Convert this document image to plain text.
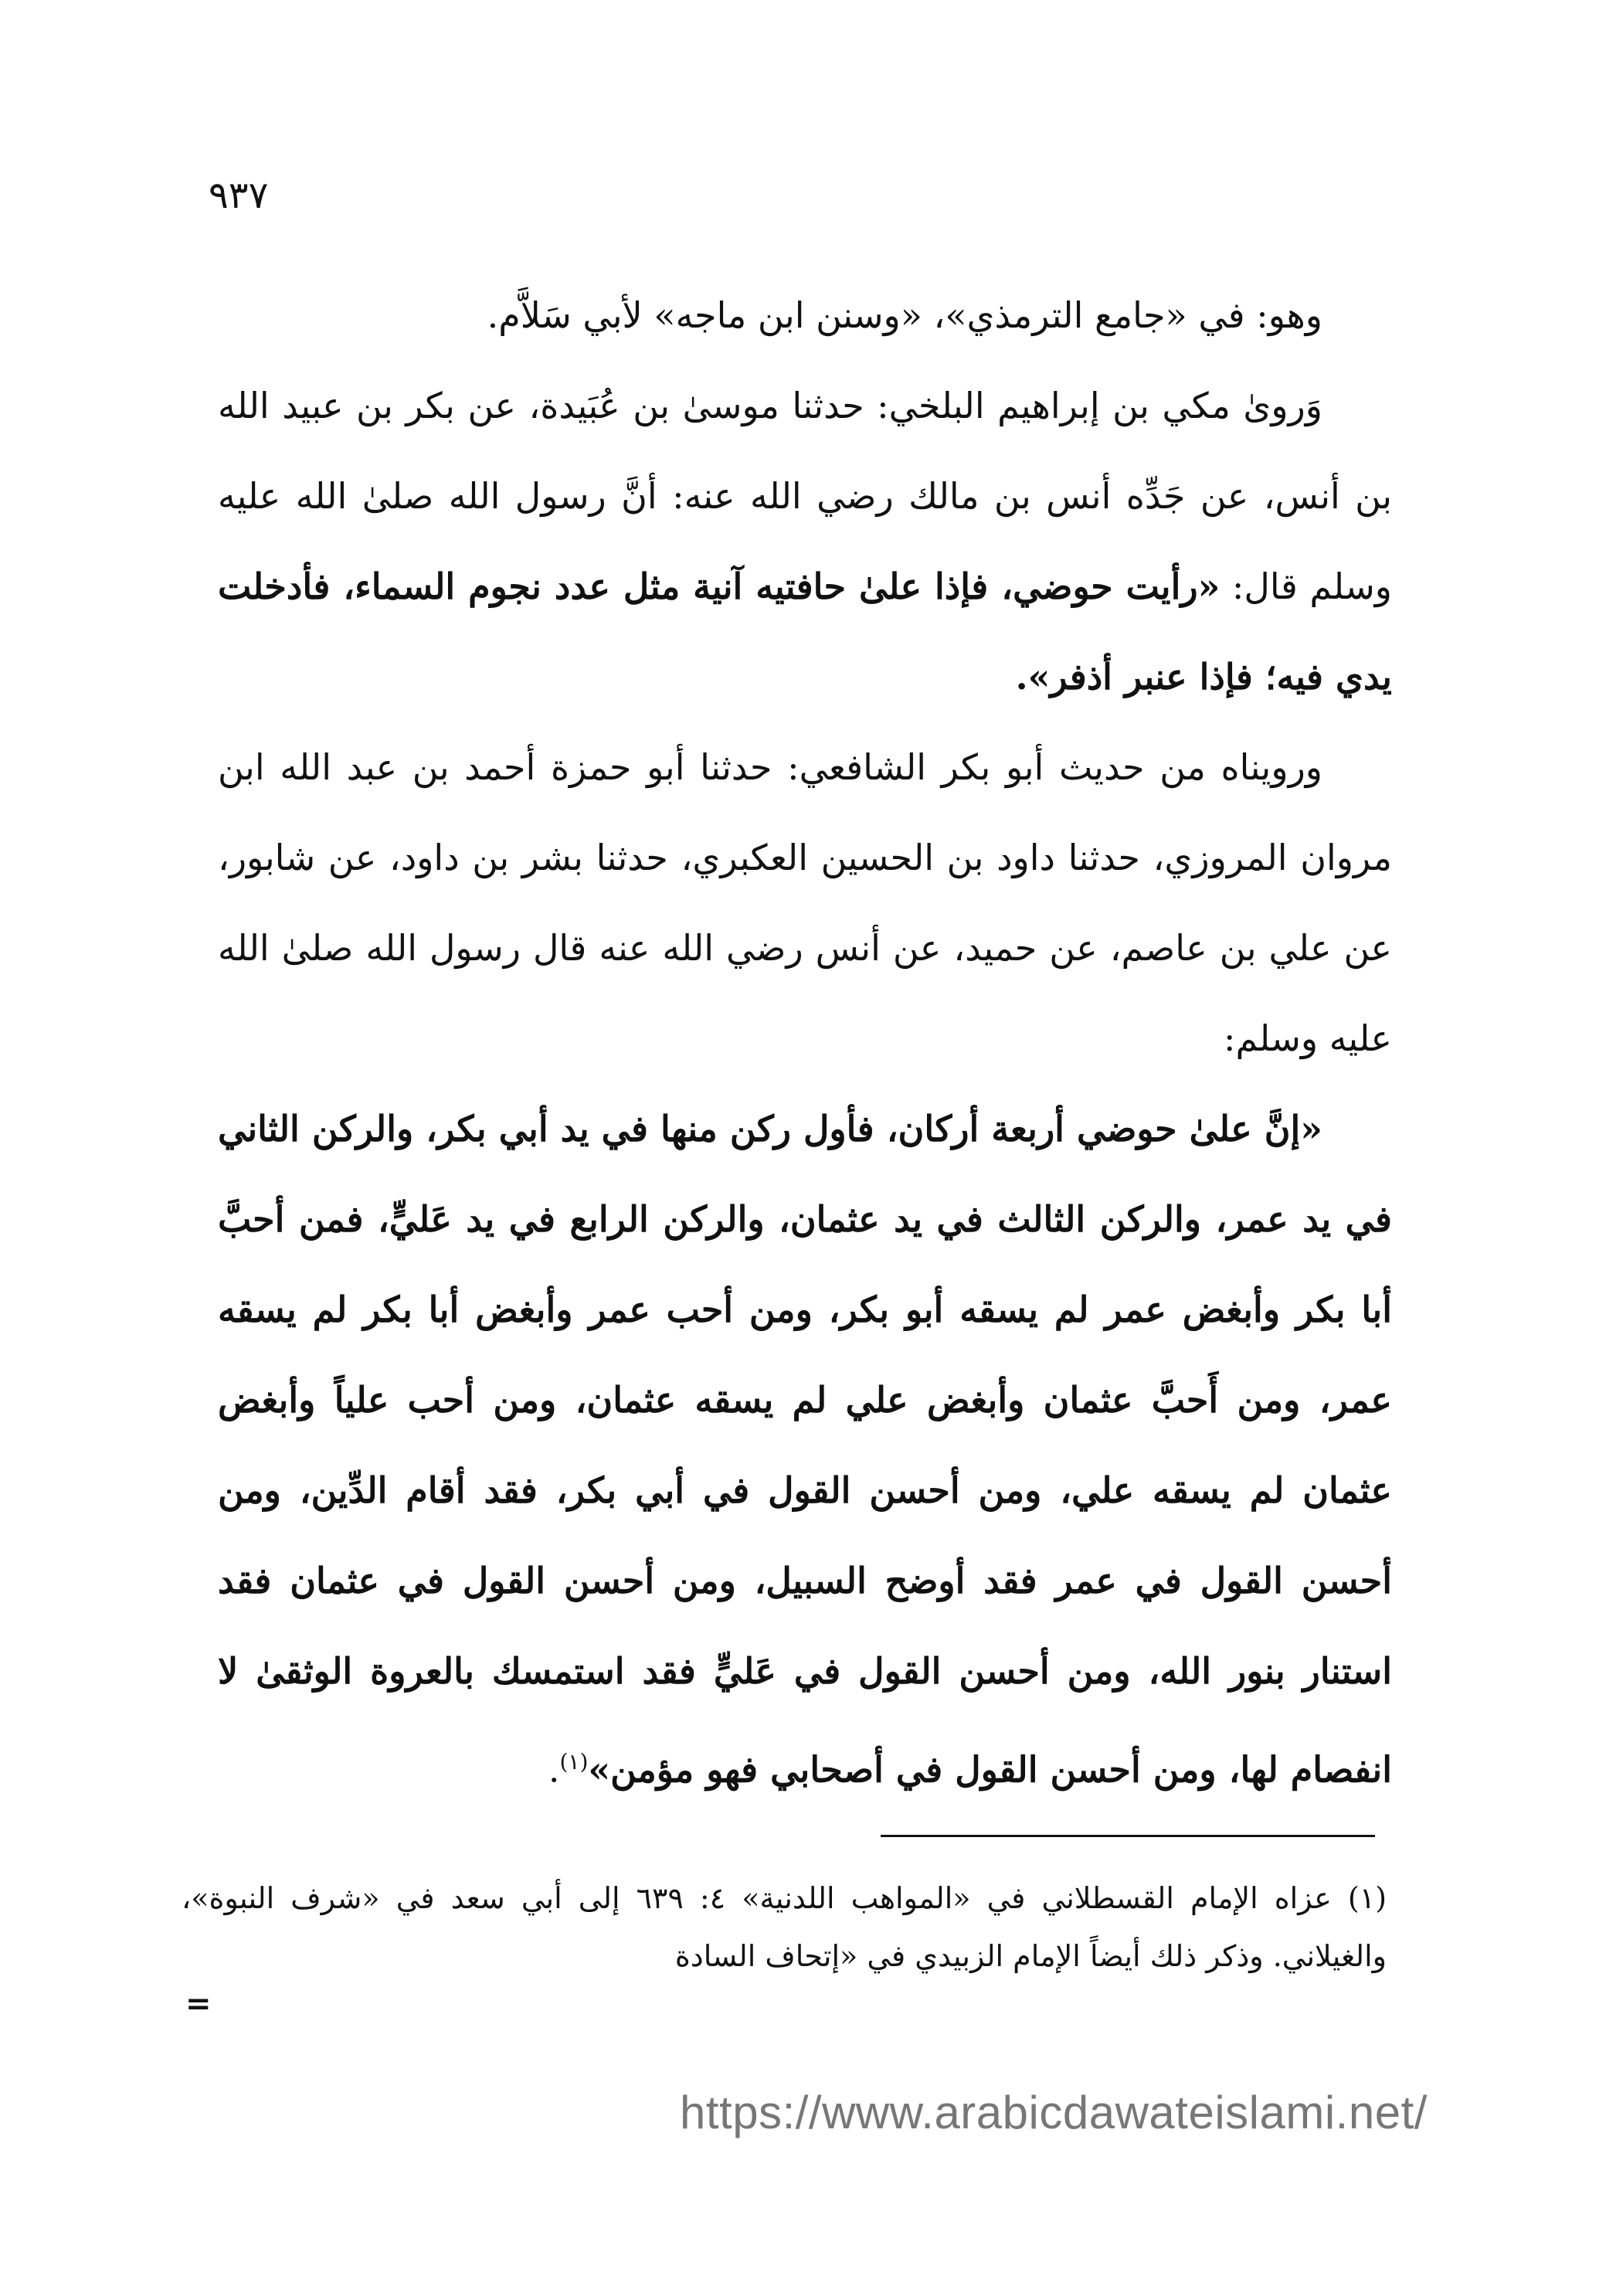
٩٣٧

وهو: في «جامع الترمذي»، «وسنن ابن ماجه» لأبي سَلاَّم.

وَروىٰ مكي بن إبراهيم البلخي: حدثنا موسىٰ بن عُبَيدة، عن بكر بن عبيد الله بن أنس، عن جَدِّه أنس بن مالك رضي الله عنه: أنَّ رسول الله صلىٰ الله عليه وسلم قال: «رأيت حوضي، فإذا علىٰ حافتيه آنية مثل عدد نجوم السماء، فأدخلت يدي فيه؛ فإذا عنبر أذفر».

ورويناه من حديث أبو بكر الشافعي: حدثنا أبو حمزة أحمد بن عبد الله ابن مروان المروزي، حدثنا داود بن الحسين العكبري، حدثنا بشر بن داود، عن شابور، عن علي بن عاصم، عن حميد، عن أنس رضي الله عنه قال رسول الله صلىٰ الله عليه وسلم:

«إنَّ علىٰ حوضي أربعة أركان، فأول ركن منها في يد أبي بكر، والركن الثاني في يد عمر، والركن الثالث في يد عثمان، والركن الرابع في يد عَليٍّ، فمن أحبَّ أبا بكر وأبغض عمر لم يسقه أبو بكر، ومن أحب عمر وأبغض أبا بكر لم يسقه عمر، ومن أَحبَّ عثمان وأبغض علي لم يسقه عثمان، ومن أحب علياً وأبغض عثمان لم يسقه علي، ومن أحسن القول في أبي بكر، فقد أقام الدِّين، ومن أحسن القول في عمر فقد أوضح السبيل، ومن أحسن القول في عثمان فقد استنار بنور الله، ومن أحسن القول في عَليٍّ فقد استمسك بالعروة الوثقىٰ لا انفصام لها، ومن أحسن القول في أصحابي فهو مؤمن»$^{(١)}$.

(١) عزاه الإمام القسطلاني في «المواهب اللدنية» ٤: ٦٣٩ إلى أبي سعد في «شرف النبوة»، والغيلاني. وذكر ذلك أيضاً الإمام الزبيدي في «إتحاف السادة
=
https://www.arabicdawateislami.net/
